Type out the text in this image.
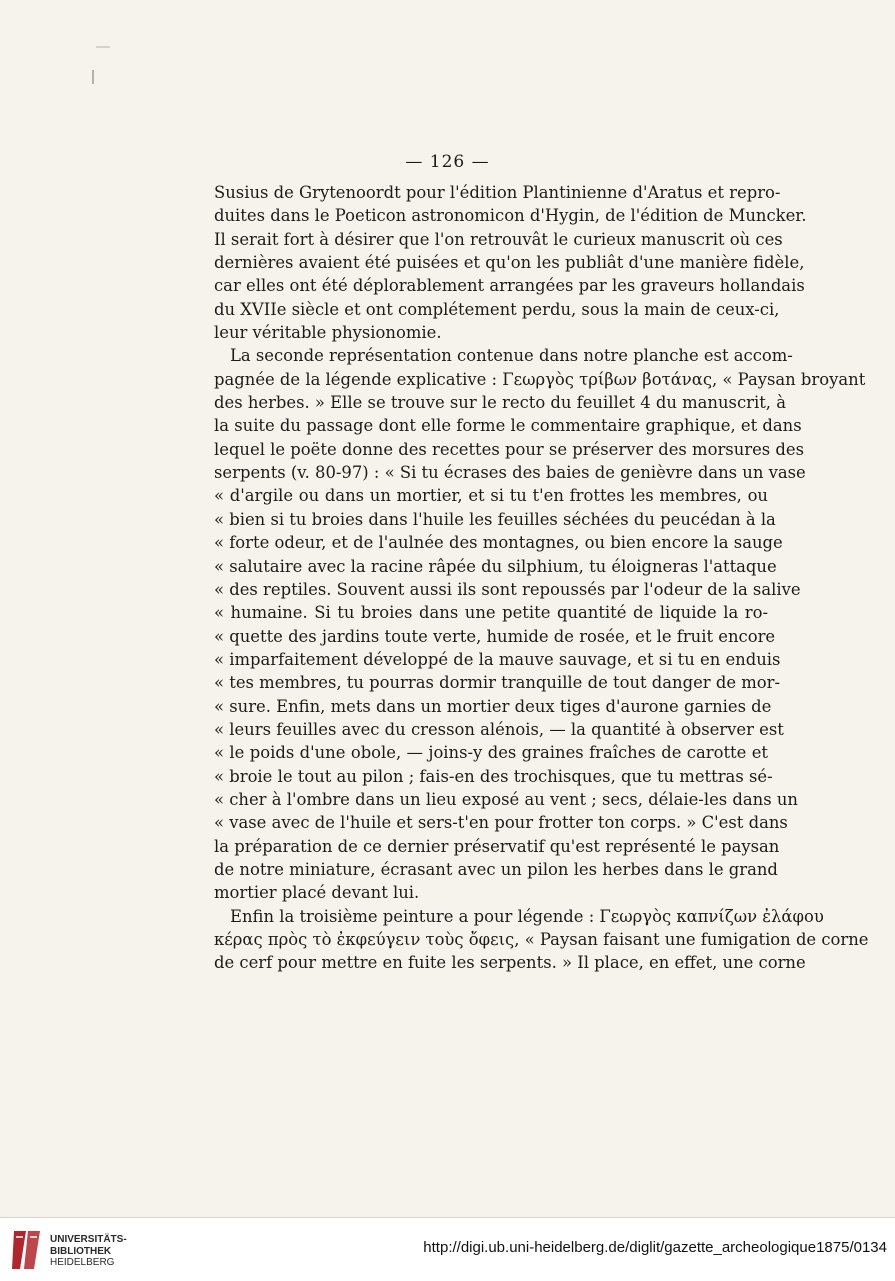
— 126 —
Susius de Grytenoordt pour l'édition Plantinienne d'Aratus et repro-
duites dans le Poeticon astronomicon d'Hygin, de l'édition de Muncker.
Il serait fort à désirer que l'on retrouvât le curieux manuscrit où ces
dernières avaient été puisées et qu'on les publiât d'une manière fidèle,
car elles ont été déplorablement arrangées par les graveurs hollandais
du XVIIe siècle et ont complétement perdu, sous la main de ceux-ci,
leur véritable physionomie.
La seconde représentation contenue dans notre planche est accom-
pagnée de la légende explicative : Γεωργὸς τρίβων βοτάνας, « Paysan broyant
des herbes. » Elle se trouve sur le recto du feuillet 4 du manuscrit, à
la suite du passage dont elle forme le commentaire graphique, et dans
lequel le poëte donne des recettes pour se préserver des morsures des
serpents (v. 80-97) : « Si tu écrases des baies de genièvre dans un vase
« d'argile ou dans un mortier, et si tu t'en frottes les membres, ou
« bien si tu broies dans l'huile les feuilles séchées du peucédan à la
« forte odeur, et de l'aulnée des montagnes, ou bien encore la sauge
« salutaire avec la racine râpée du silphium, tu éloigneras l'attaque
« des reptiles. Souvent aussi ils sont repoussés par l'odeur de la salive
« humaine. Si tu broies dans une petite quantité de liquide la ro-
« quette des jardins toute verte, humide de rosée, et le fruit encore
« imparfaitement développé de la mauve sauvage, et si tu en enduis
« tes membres, tu pourras dormir tranquille de tout danger de mor-
« sure. Enfin, mets dans un mortier deux tiges d'aurone garnies de
« leurs feuilles avec du cresson alénois, — la quantité à observer est
« le poids d'une obole, — joins-y des graines fraîches de carotte et
« broie le tout au pilon ; fais-en des trochisques, que tu mettras sé-
« cher à l'ombre dans un lieu exposé au vent ; secs, délaie-les dans un
« vase avec de l'huile et sers-t'en pour frotter ton corps. » C'est dans
la préparation de ce dernier préservatif qu'est représenté le paysan
de notre miniature, écrasant avec un pilon les herbes dans le grand
mortier placé devant lui.
Enfin la troisième peinture a pour légende : Γεωργὸς καπνίζων ἐλάφου
κέρας πρὸς τὸ ἐκφεύγειν τοὺς ὄφεις, « Paysan faisant une fumigation de corne
de cerf pour mettre en fuite les serpents. » Il place, en effet, une corne
UNIVERSITÄTS-
BIBLIOTHEK
HEIDELBERG
http://digi.ub.uni-heidelberg.de/diglit/gazette_archeologique1875/0134
